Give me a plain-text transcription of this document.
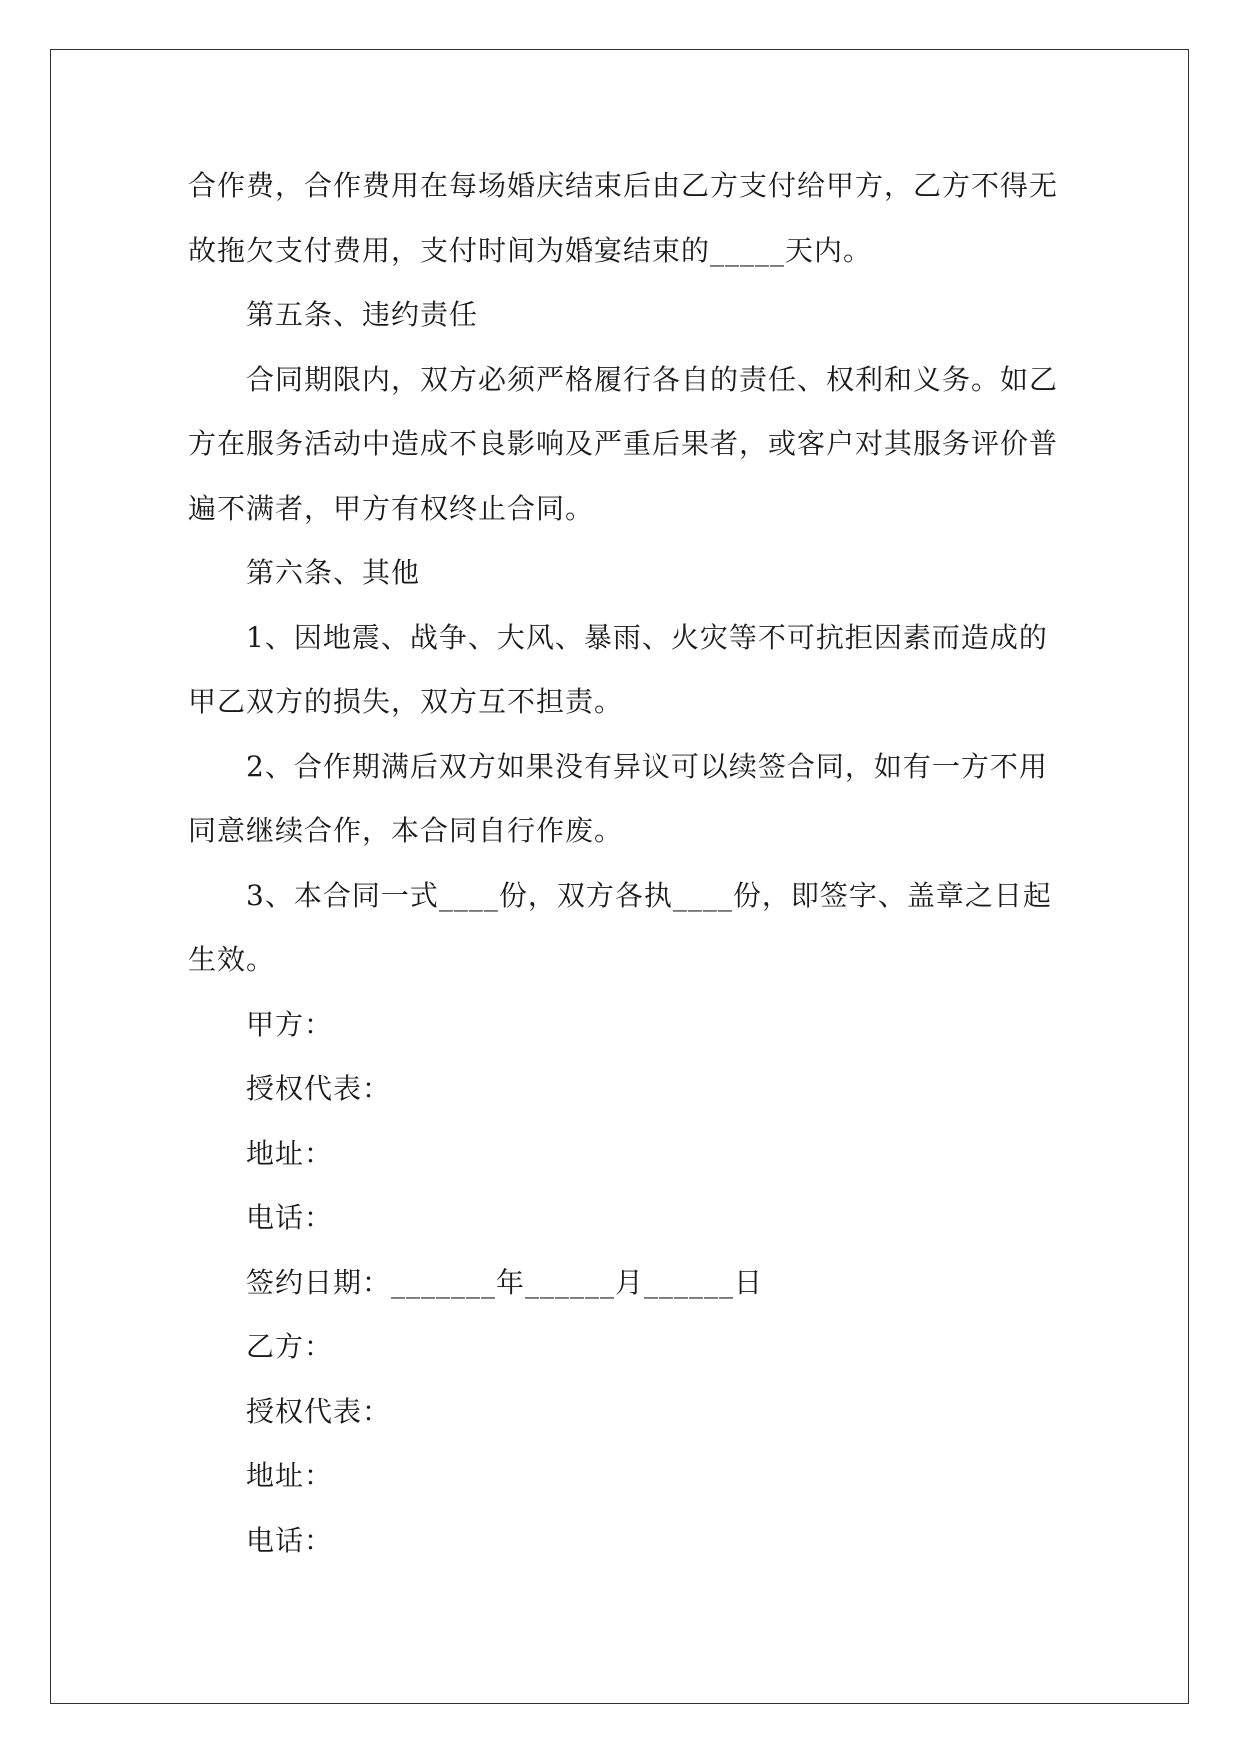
合作费，合作费用在每场婚庆结束后由乙方支付给甲方，乙方不得无
故拖欠支付费用，支付时间为婚宴结束的_____天内。
第五条、违约责任
合同期限内，双方必须严格履行各自的责任、权利和义务。如乙
方在服务活动中造成不良影响及严重后果者，或客户对其服务评价普
遍不满者，甲方有权终止合同。
第六条、其他
1、因地震、战争、大风、暴雨、火灾等不可抗拒因素而造成的
甲乙双方的损失，双方互不担责。
2、合作期满后双方如果没有异议可以续签合同，如有一方不用
同意继续合作，本合同自行作废。
3、本合同一式____份，双方各执____份，即签字、盖章之日起
生效。
甲方：
授权代表：
地址：
电话：
签约日期：_______年______月______日
乙方：
授权代表：
地址：
电话：
